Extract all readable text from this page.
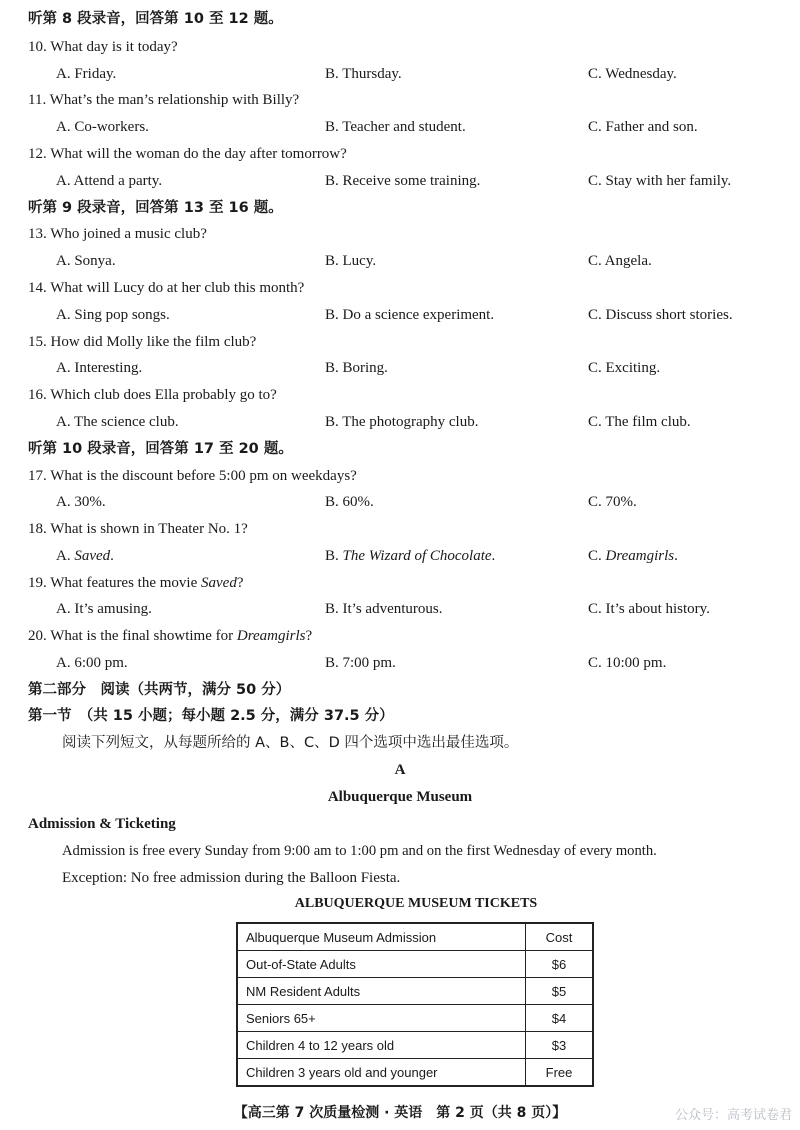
听第 8 段录音，回答第 10 至 12 题。
10. What day is it today?
A. Friday.	B. Thursday.	C. Wednesday.
11. What’s the man’s relationship with Billy?
A. Co-workers.	B. Teacher and student.	C. Father and son.
12. What will the woman do the day after tomorrow?
A. Attend a party.	B. Receive some training.	C. Stay with her family.
听第 9 段录音，回答第 13 至 16 题。
13. Who joined a music club?
A. Sonya.	B. Lucy.	C. Angela.
14. What will Lucy do at her club this month?
A. Sing pop songs.	B. Do a science experiment.	C. Discuss short stories.
15. How did Molly like the film club?
A. Interesting.	B. Boring.	C. Exciting.
16. Which club does Ella probably go to?
A. The science club.	B. The photography club.	C. The film club.
听第 10 段录音，回答第 17 至 20 题。
17. What is the discount before 5:00 pm on weekdays?
A. 30%.	B. 60%.	C. 70%.
18. What is shown in Theater No. 1?
A. Saved.	B. The Wizard of Chocolate.	C. Dreamgirls.
19. What features the movie Saved?
A. It’s amusing.	B. It’s adventurous.	C. It’s about history.
20. What is the final showtime for Dreamgirls?
A. 6:00 pm.	B. 7:00 pm.	C. 10:00 pm.
第二部分　阅读（共两节，满分 50 分）
第一节　（共 15 小题；每小题 2.5 分，满分 37.5 分）
阅读下列短文，从每题所给的 A、B、C、D 四个选项中选出最佳选项。
A
Albuquerque Museum
Admission & Ticketing
Admission is free every Sunday from 9:00 am to 1:00 pm and on the first Wednesday of every month.
Exception: No free admission during the Balloon Fiesta.
ALBUQUERQUE MUSEUM TICKETS
Albuquerque Museum Admission	Cost
Out-of-State Adults	$6
NM Resident Adults	$5
Seniors 65+	$4
Children 4 to 12 years old	$3
Children 3 years old and younger	Free
【高三第 7 次质量检测 · 英语　第 2 页（共 8 页）】	公众号：高考试卷君
